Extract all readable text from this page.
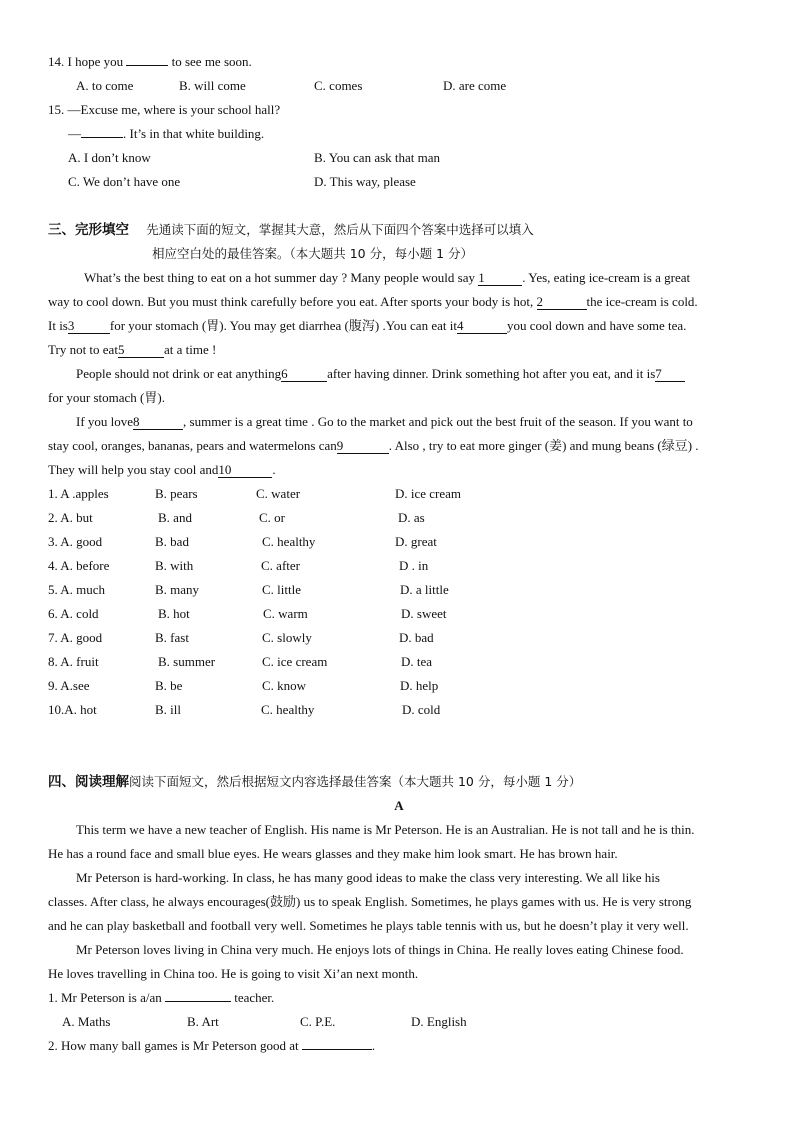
14. I hope you	to see me soon.
A. to come	B. will come	C. comes	D. are come
15. —Excuse me, where is your school hall?
—	. It’s in that white building.
A. I don’t know	B. You can ask that man
C. We don’t have one	D. This way, please
三、完形填空 先通读下面的短文，掌握其大意，然后从下面四个答案中选择可以填入
相应空白处的最佳答案。（本大题共 10 分，每小题 1 分）
What’s the best thing to eat on a hot summer day ? Many people would say 1	. Yes, eating ice-cream is a great
way to cool down. But you must think carefully before you eat. After sports your body is hot, 2	the ice-cream is cold.
It is3	for your stomach (胃). You may get diarrhea (腹泻) .You can eat it4	you cool down and have some tea.
Try not to eat5	at a time !
People should not drink or eat anything6	after having dinner. Drink something hot after you eat, and it is7
for your stomach (胃).
If you love8	, summer is a great time . Go to the market and pick out the best fruit of the season. If you want to
stay cool, oranges, bananas, pears and watermelons can9	. Also , try to eat more ginger (姜) and mung beans (绿豆) .
They will help you stay cool and10	.
1. A .apples	B. pears	C. water	D. ice cream
2. A. but	B. and	C. or	D. as
3. A. good	B. bad	C. healthy	D. great
4. A. before	B. with	C. after	D . in
5. A. much	B. many	C. little	D. a little
6. A. cold	B. hot	C. warm	D. sweet
7. A. good	B. fast	C. slowly	D. bad
8. A. fruit	B. summer	C. ice cream	D. tea
9. A.see	B. be	C. know	D. help
10.A. hot	B. ill	C. healthy	D. cold
四、阅读理解阅读下面短文，然后根据短文内容选择最佳答案（本大题共 10 分，每小题 1 分）
A
This term we have a new teacher of English. His name is Mr Peterson. He is an Australian. He is not tall and he is thin.
He has a round face and small blue eyes. He wears glasses and they make him look smart. He has brown hair.
Mr Peterson is hard-working. In class, he has many good ideas to make the class very interesting. We all like his
classes. After class, he always encourages(鼓励) us to speak English. Sometimes, he plays games with us. He is very strong
and he can play basketball and football very well. Sometimes he plays table tennis with us, but he doesn’t play it very well.
Mr Peterson loves living in China very much. He enjoys lots of things in China. He really loves eating Chinese food.
He loves travelling in China too. He is going to visit Xi’an next month.
1. Mr Peterson is a/an	teacher.
A. Maths	B. Art	C. P.E.	D. English
2. How many ball games is Mr Peterson good at	.
